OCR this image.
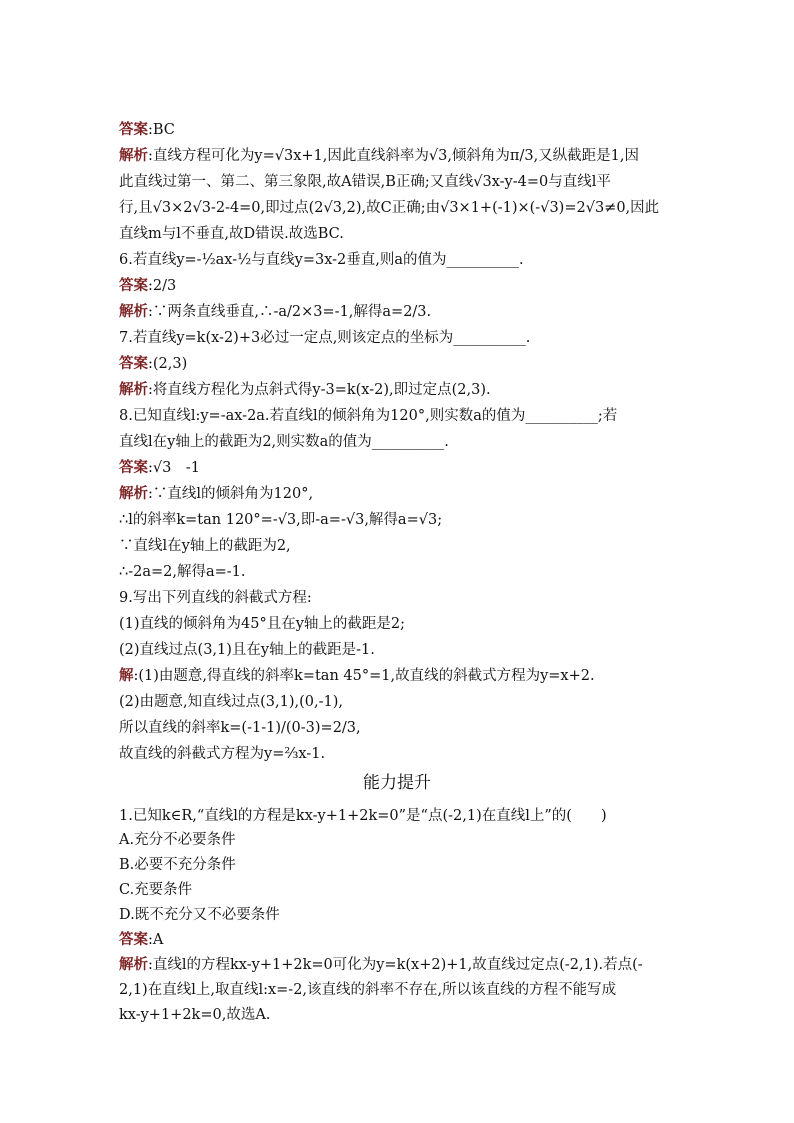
答案:BC
解析:直线方程可化为y=√3x+1,因此直线斜率为√3,倾斜角为π/3,又纵截距是1,因
此直线过第一、第二、第三象限,故A错误,B正确;又直线√3x-y-4=0与直线l平
行,且√3×2√3-2-4=0,即过点(2√3,2),故C正确;由√3×1+(-1)×(-√3)=2√3≠0,因此
直线m与l不垂直,故D错误.故选BC.
6.若直线y=-½ax-½与直线y=3x-2垂直,则a的值为__________.
答案:2/3
解析:∵两条直线垂直,∴-a/2×3=-1,解得a=2/3.
7.若直线y=k(x-2)+3必过一定点,则该定点的坐标为__________.
答案:(2,3)
解析:将直线方程化为点斜式得y-3=k(x-2),即过定点(2,3).
8.已知直线l:y=-ax-2a.若直线l的倾斜角为120°,则实数a的值为__________;若
直线l在y轴上的截距为2,则实数a的值为__________.
答案:√3　-1
解析:∵直线l的倾斜角为120°,
∴l的斜率k=tan 120°=-√3,即-a=-√3,解得a=√3;
∵直线l在y轴上的截距为2,
∴-2a=2,解得a=-1.
9.写出下列直线的斜截式方程:
(1)直线的倾斜角为45°且在y轴上的截距是2;
(2)直线过点(3,1)且在y轴上的截距是-1.
解:(1)由题意,得直线的斜率k=tan 45°=1,故直线的斜截式方程为y=x+2.
(2)由题意,知直线过点(3,1),(0,-1),
所以直线的斜率k=(-1-1)/(0-3)=2/3,
故直线的斜截式方程为y=⅔x-1.
能力提升
1.已知k∈R,“直线l的方程是kx-y+1+2k=0”是“点(-2,1)在直线l上”的(　　)
A.充分不必要条件
B.必要不充分条件
C.充要条件
D.既不充分又不必要条件
答案:A
解析:直线l的方程kx-y+1+2k=0可化为y=k(x+2)+1,故直线过定点(-2,1).若点(-
2,1)在直线l上,取直线l:x=-2,该直线的斜率不存在,所以该直线的方程不能写成
kx-y+1+2k=0,故选A.
